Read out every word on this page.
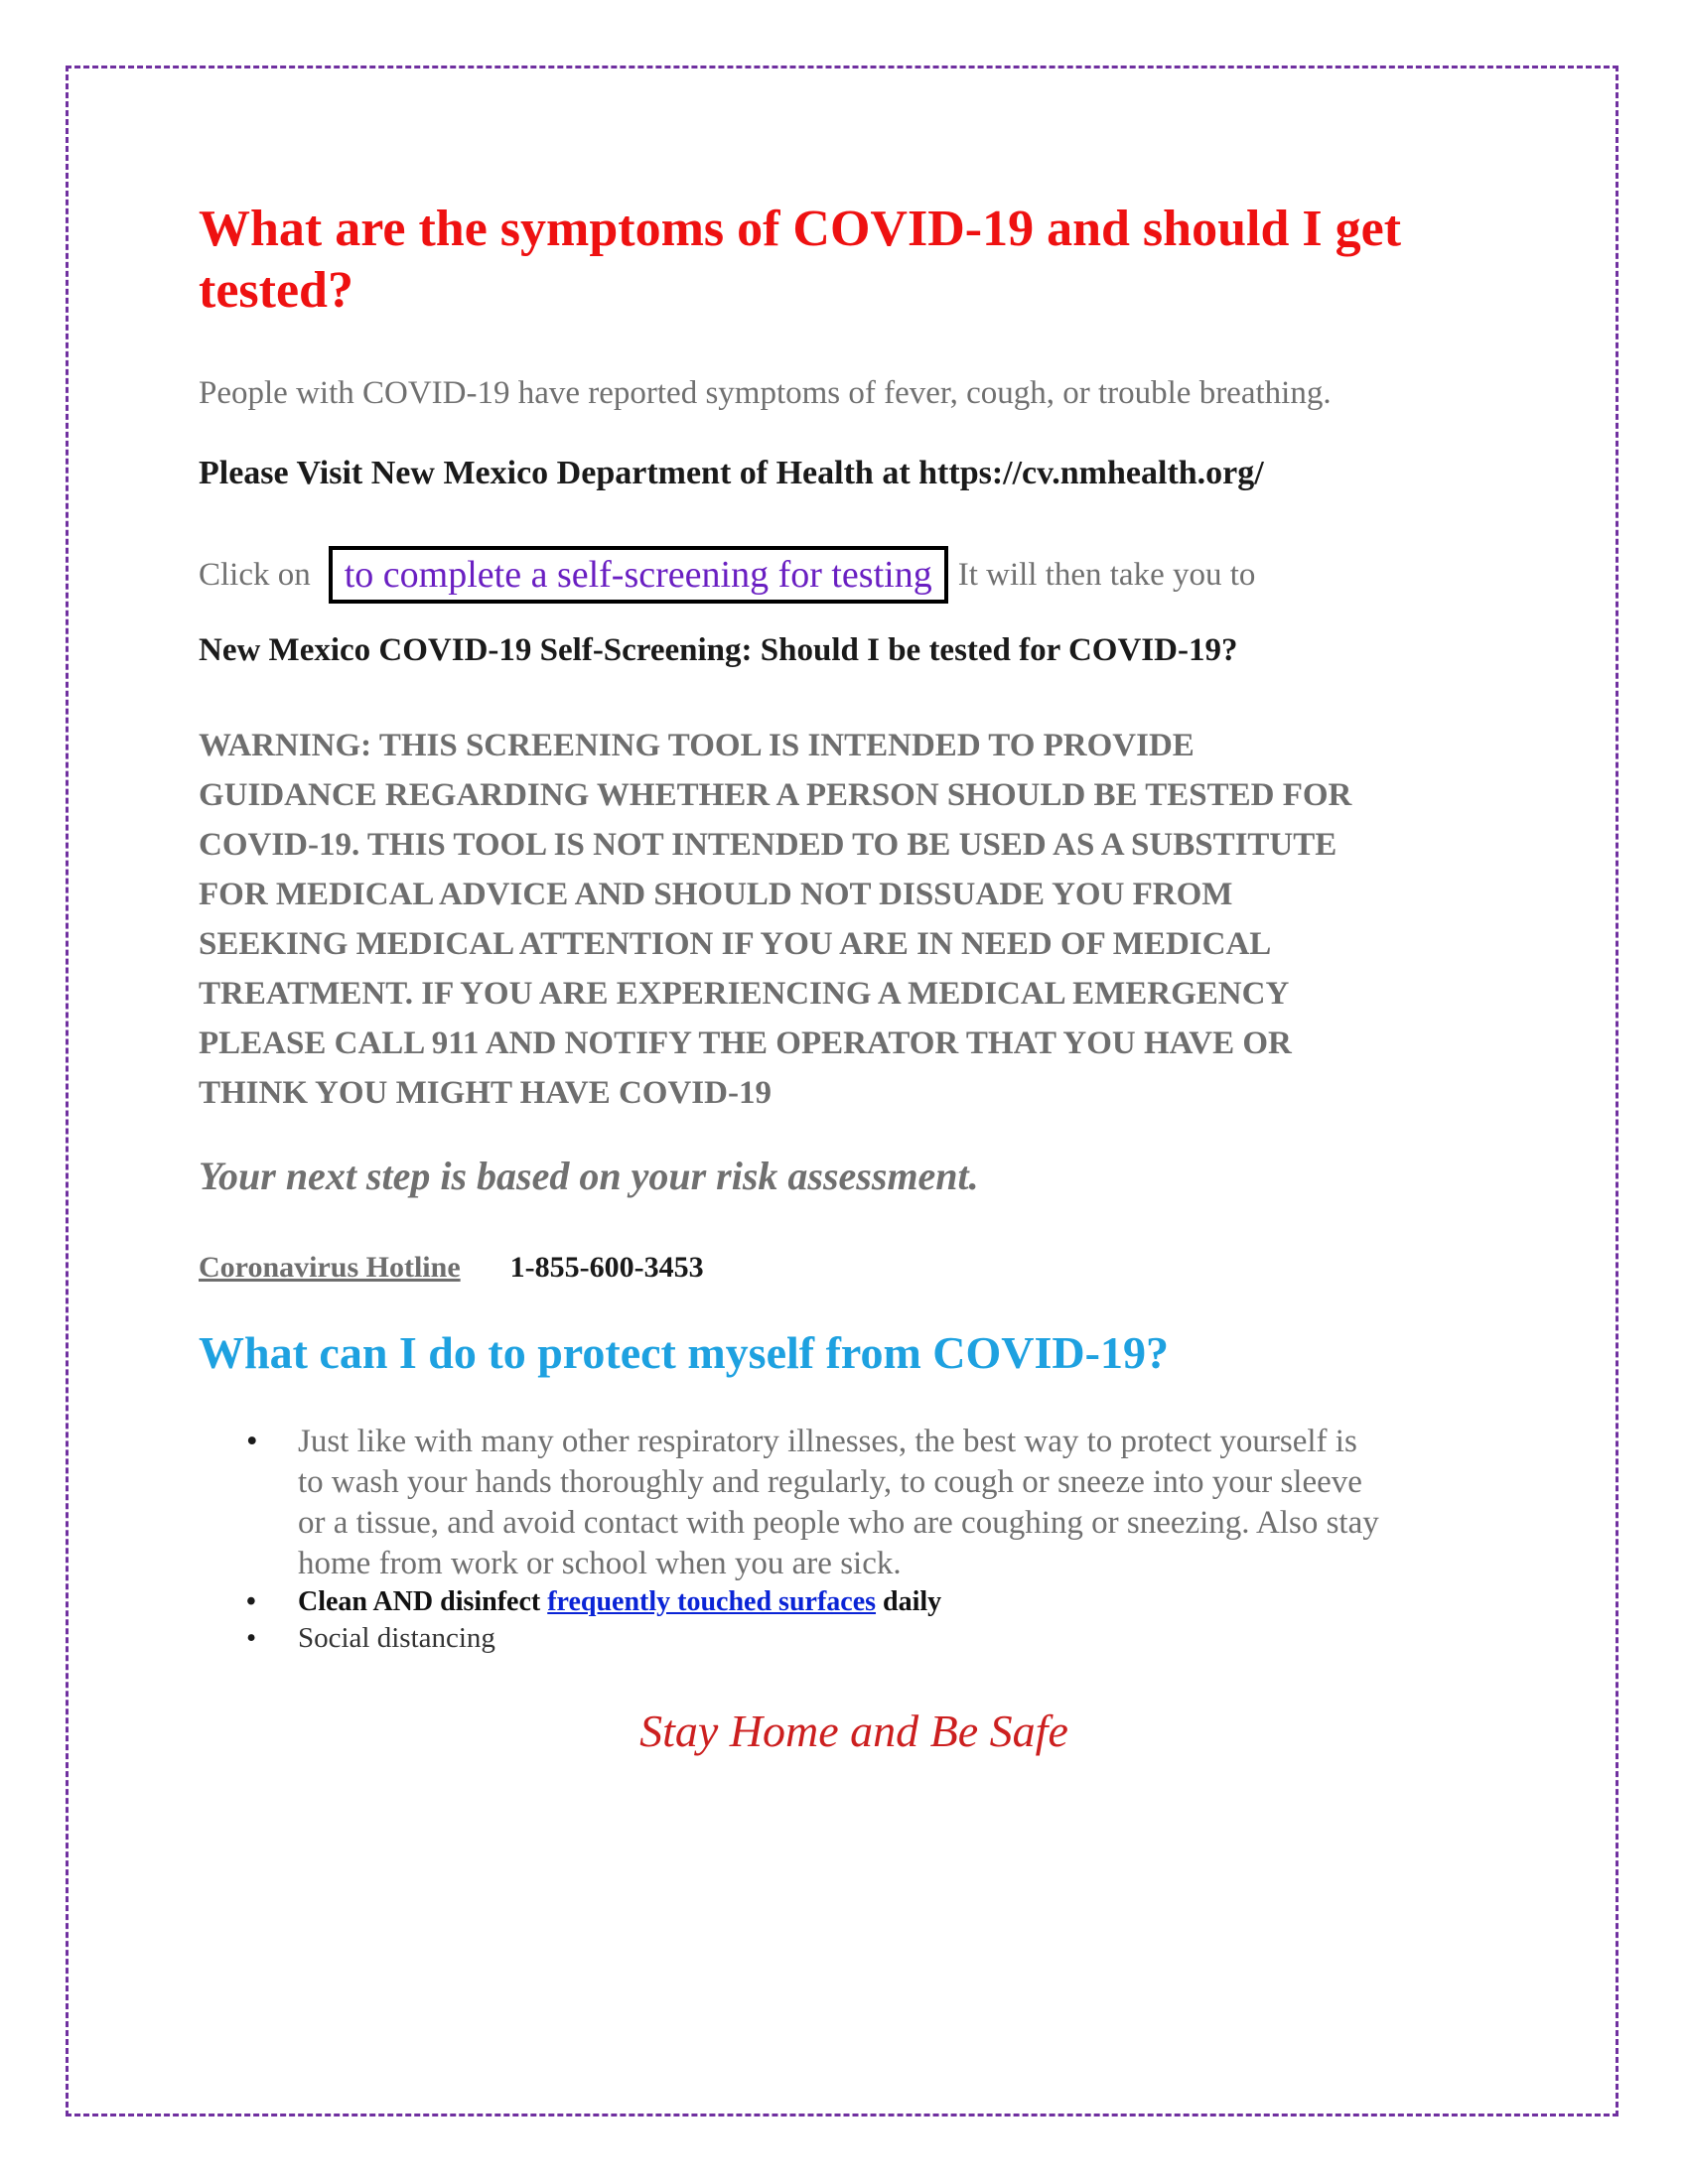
What are the symptoms of COVID-19 and should I get tested?

People with COVID-19 have reported symptoms of fever, cough, or trouble breathing.

Please Visit New Mexico Department of Health at https://cv.nmhealth.org/

Click on to complete a self-screening for testing It will then take you to

New Mexico COVID-19 Self-Screening: Should I be tested for COVID-19?

WARNING: THIS SCREENING TOOL IS INTENDED TO PROVIDE
GUIDANCE REGARDING WHETHER A PERSON SHOULD BE TESTED FOR
COVID-19. THIS TOOL IS NOT INTENDED TO BE USED AS A SUBSTITUTE
FOR MEDICAL ADVICE AND SHOULD NOT DISSUADE YOU FROM
SEEKING MEDICAL ATTENTION IF YOU ARE IN NEED OF MEDICAL
TREATMENT. IF YOU ARE EXPERIENCING A MEDICAL EMERGENCY
PLEASE CALL 911 AND NOTIFY THE OPERATOR THAT YOU HAVE OR
THINK YOU MIGHT HAVE COVID-19

Your next step is based on your risk assessment.

Coronavirus Hotline 1-855-600-3453
What can I do to protect myself from COVID-19?
• Just like with many other respiratory illnesses, the best way to protect yourself is
to wash your hands thoroughly and regularly, to cough or sneeze into your sleeve
or a tissue, and avoid contact with people who are coughing or sneezing. Also stay
home from work or school when you are sick.
• Clean AND disinfect frequently touched surfaces daily
• Social distancing

Stay Home and Be Safe
